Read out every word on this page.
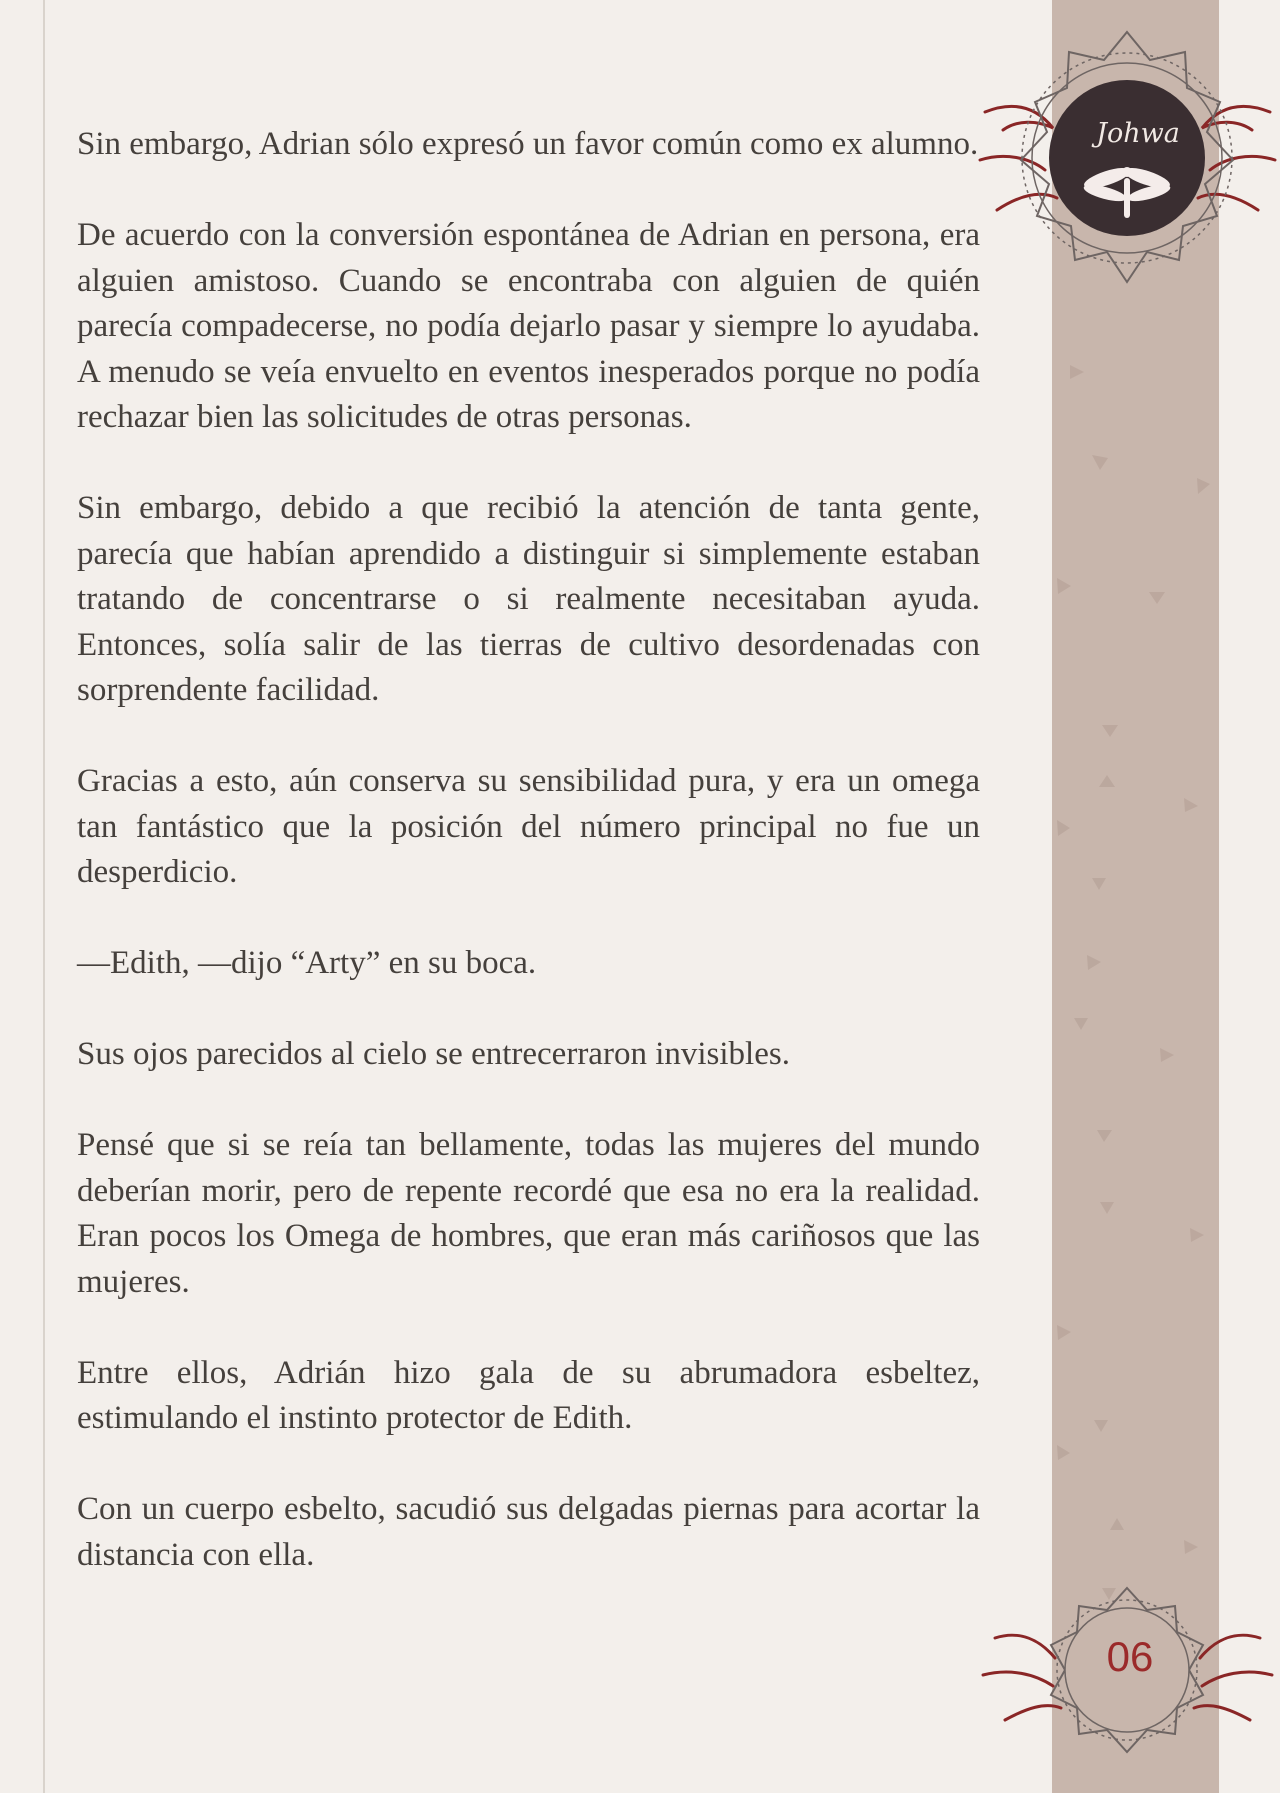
Sin embargo, Adrian sólo expresó un favor común como ex alumno.

De acuerdo con la conversión espontánea de Adrian en persona, era alguien amistoso. Cuando se encontraba con alguien de quién parecía compadecerse, no podía dejarlo pasar y siempre lo ayudaba. A menudo se veía envuelto en eventos inesperados porque no podía rechazar bien las solicitudes de otras personas.

Sin embargo, debido a que recibió la atención de tanta gente, parecía que habían aprendido a distinguir si simplemente estaban tratando de concentrarse o si realmente necesitaban ayuda. Entonces, solía salir de las tierras de cultivo desordenadas con sorprendente facilidad.

Gracias a esto, aún conserva su sensibilidad pura, y era un omega tan fantástico que la posición del número principal no fue un desperdicio.

—Edith, —dijo “Arty” en su boca.

Sus ojos parecidos al cielo se entrecerraron invisibles.

Pensé que si se reía tan bellamente, todas las mujeres del mundo deberían morir, pero de repente recordé que esa no era la realidad. Eran pocos los Omega de hombres, que eran más cariñosos que las mujeres.

Entre ellos, Adrián hizo gala de su abrumadora esbeltez, estimulando el instinto protector de Edith.

Con un cuerpo esbelto, sacudió sus delgadas piernas para acortar la distancia con ella.

Johwa
06
